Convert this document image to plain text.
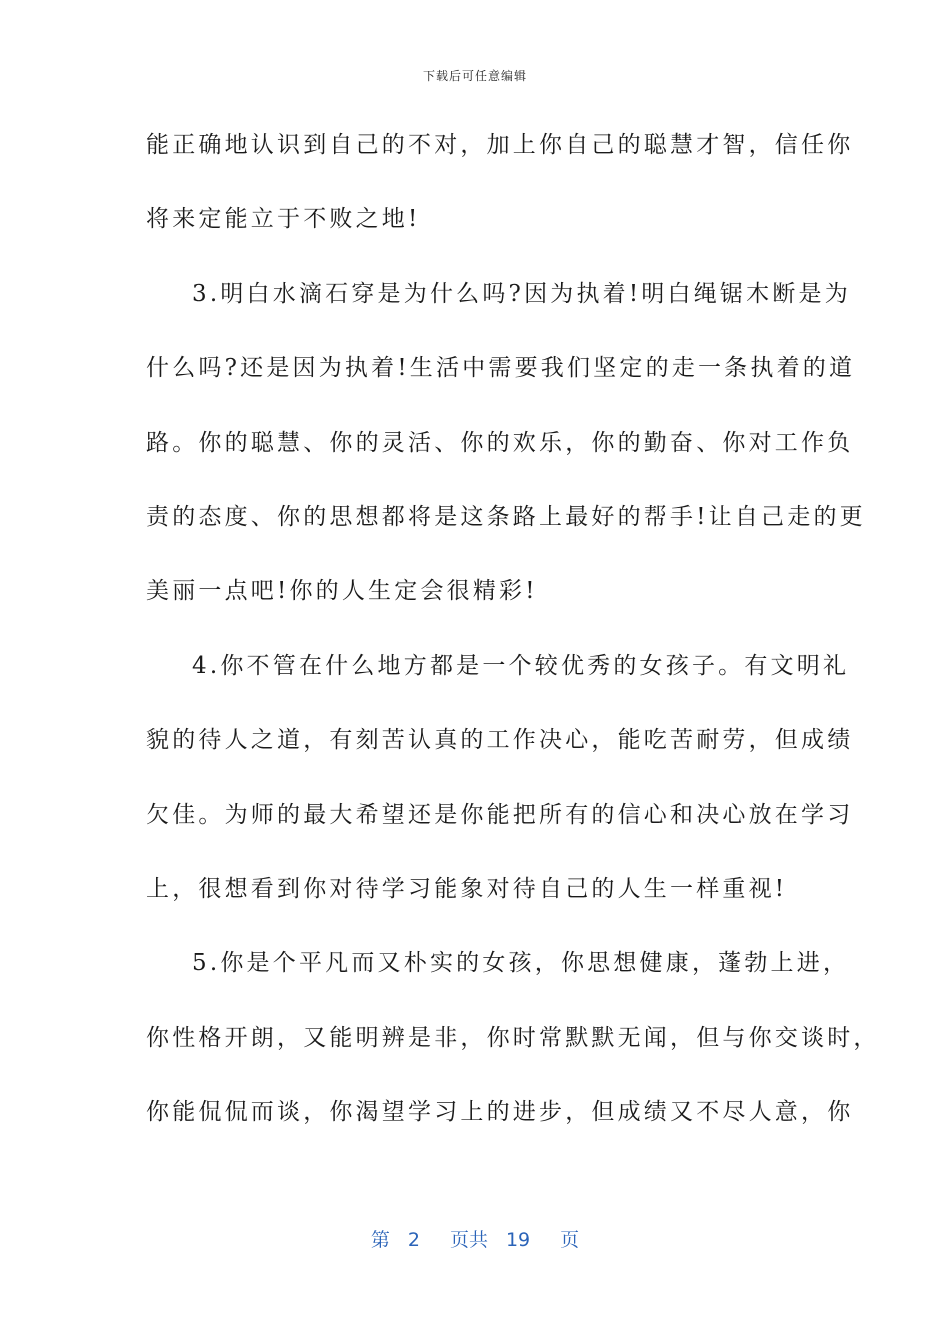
下载后可任意编辑
能正确地认识到自己的不对，加上你自己的聪慧才智，信任你
将来定能立于不败之地!
3.明白水滴石穿是为什么吗?因为执着!明白绳锯木断是为
什么吗?还是因为执着!生活中需要我们坚定的走一条执着的道
路。你的聪慧、你的灵活、你的欢乐，你的勤奋、你对工作负
责的态度、你的思想都将是这条路上最好的帮手!让自己走的更
美丽一点吧!你的人生定会很精彩!
4.你不管在什么地方都是一个较优秀的女孩子。有文明礼
貌的待人之道，有刻苦认真的工作决心，能吃苦耐劳，但成绩
欠佳。为师的最大希望还是你能把所有的信心和决心放在学习
上，很想看到你对待学习能象对待自己的人生一样重视!
5.你是个平凡而又朴实的女孩，你思想健康，蓬勃上进，
你性格开朗，又能明辨是非，你时常默默无闻，但与你交谈时，
你能侃侃而谈，你渴望学习上的进步，但成绩又不尽人意，你
第 2 页共 19 页
